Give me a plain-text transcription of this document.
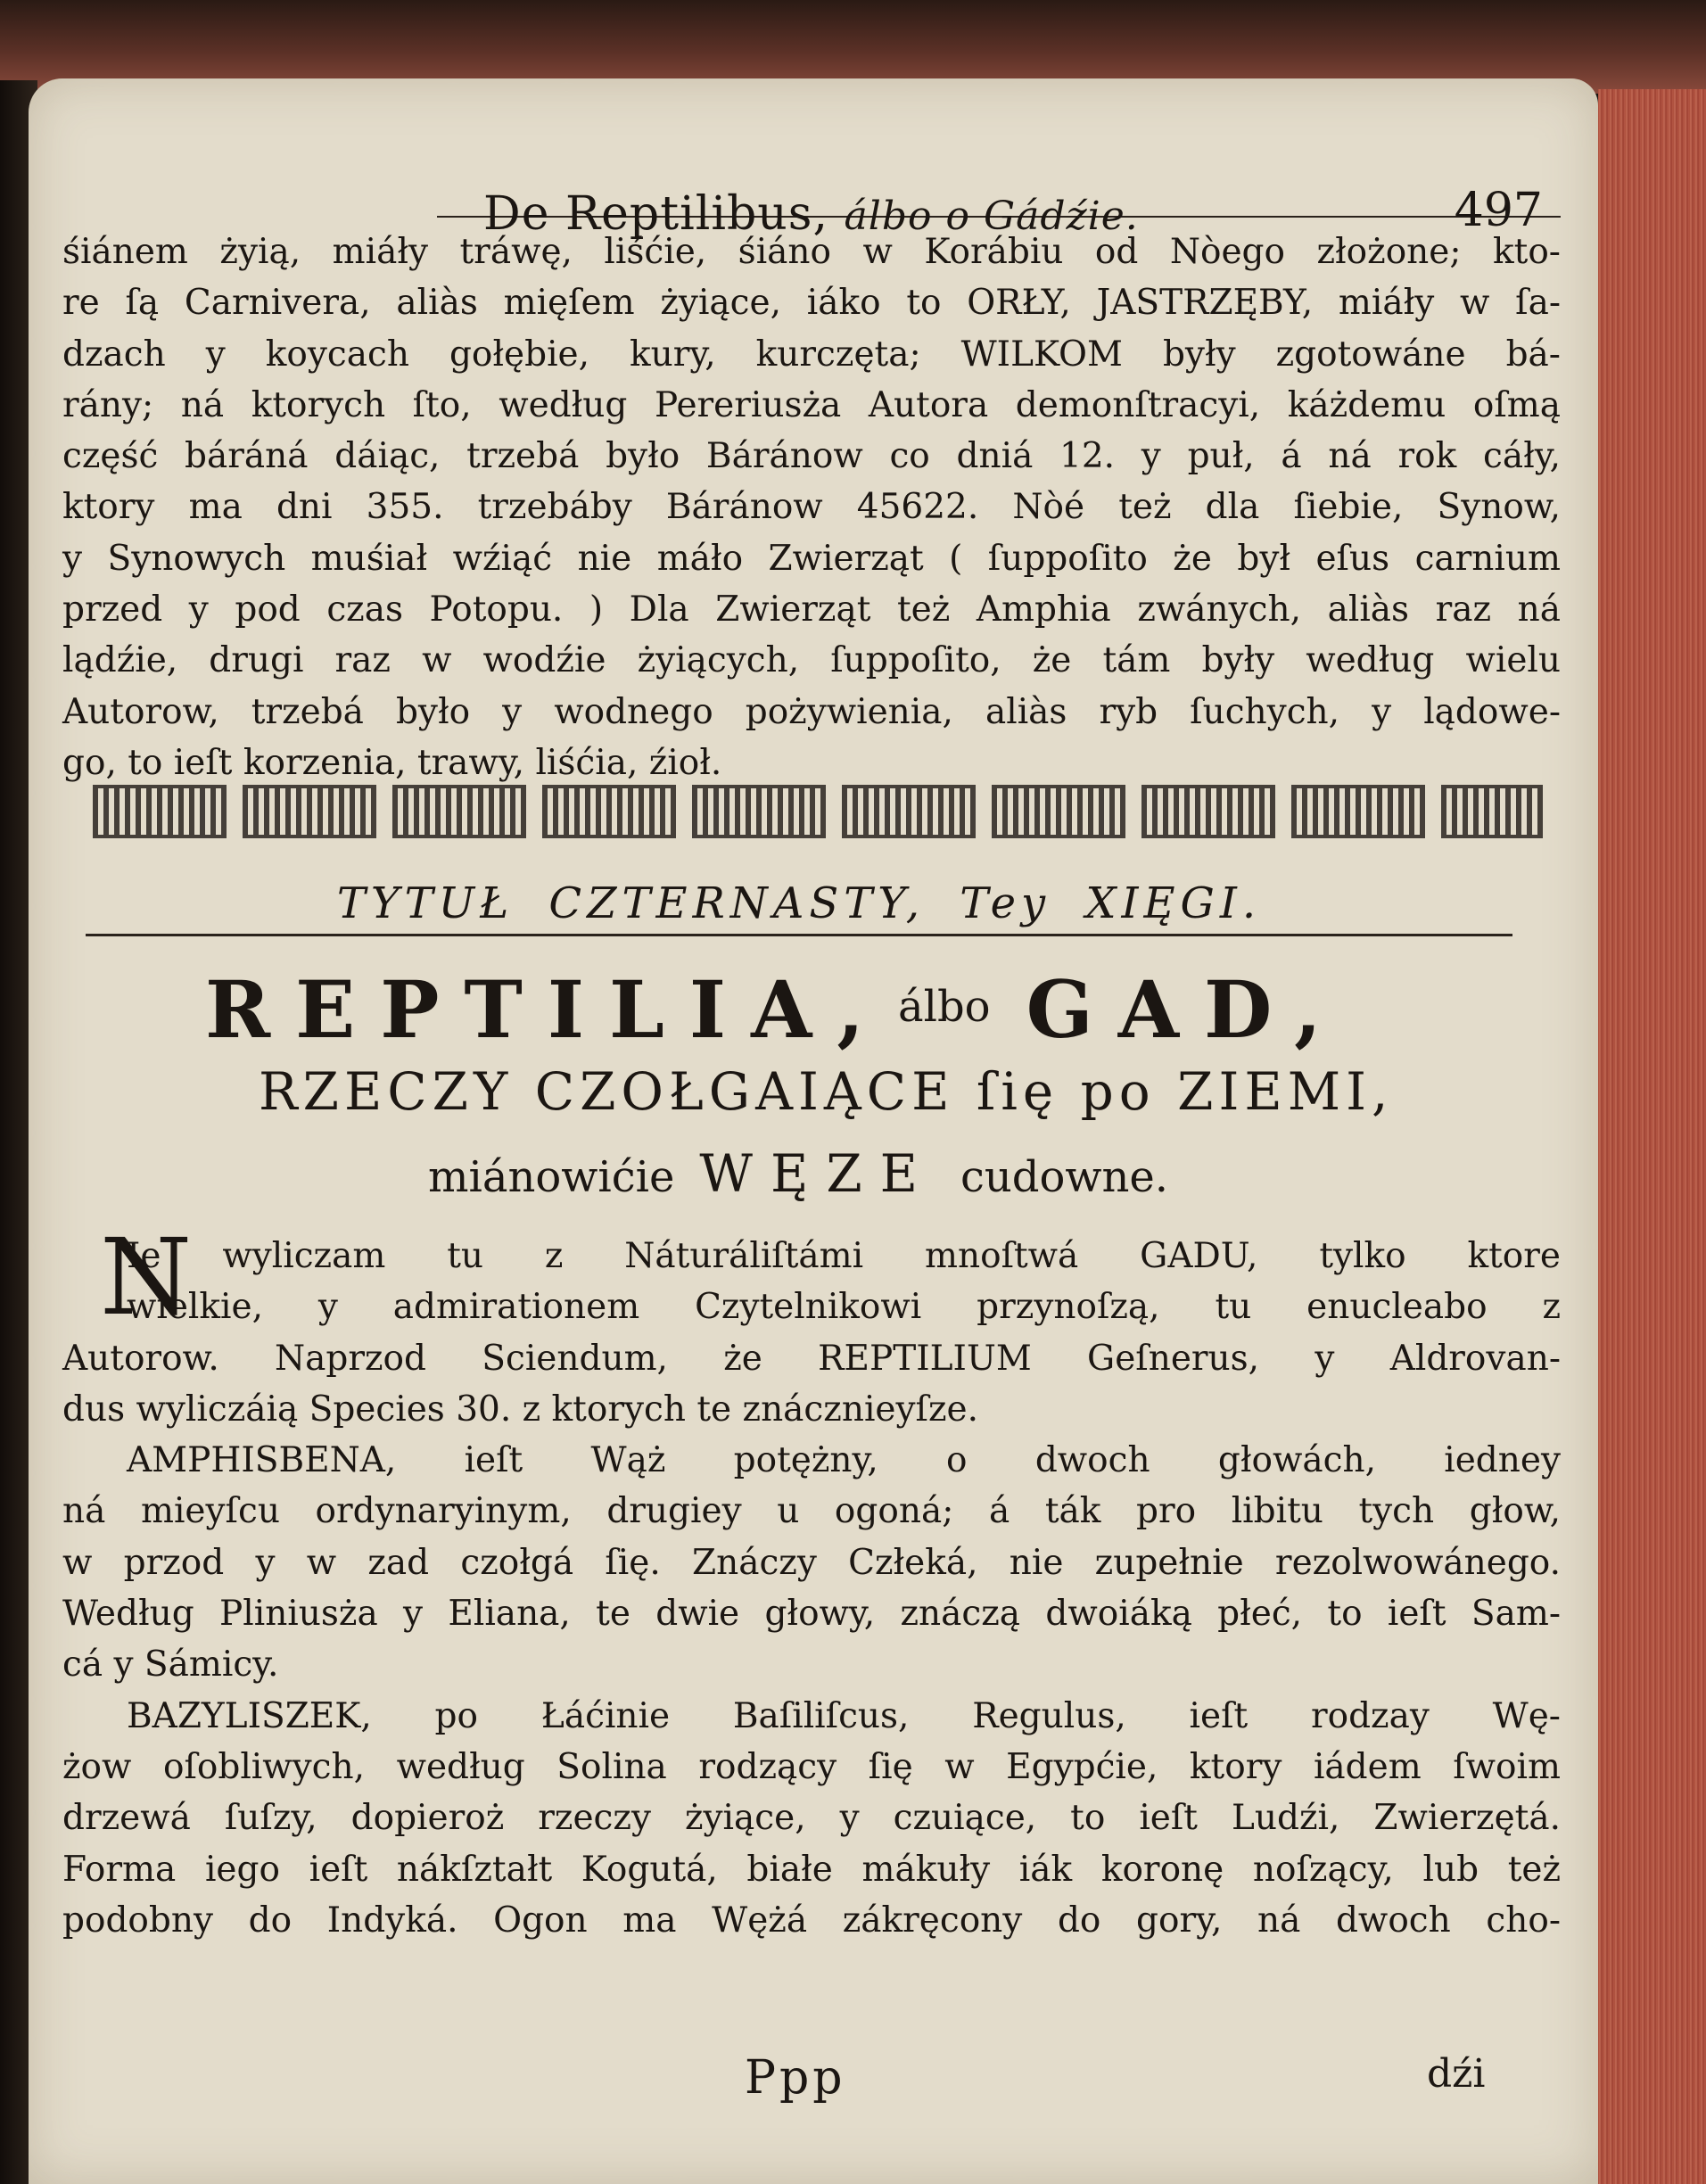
De Reptilibus, álbo o Gádźie.	497
śiánem żyią, miáły tráwę, liśćie, śiáno w Korábiu od Nòego złożone; kto-
re ſą Carnivera, aliàs mięſem żyiące, iáko to ORŁY, JASTRZĘBY, miáły w ſa-
dzach y koycach gołębie, kury, kurczęta; WILKOM były zgotowáne bá-
rány; ná ktorych ſto, według Pereriusża Autora demonſtracyi, káżdemu oſmą
część báráná dáiąc, trzebá było Báránow co dniá 12. y puł, á ná rok cáły,
ktory ma dni 355. trzebáby Báránow 45622. Nòé też dla ſiebie, Synow,
y Synowych muśiał wźiąć nie máło Zwierząt ( ſuppoſito że był eſus carnium
przed y pod czas Potopu. ) Dla Zwierząt też Amphia zwánych, aliàs raz ná
lądźie, drugi raz w wodźie żyiących, ſuppoſito, że tám były według wielu
Autorow, trzebá było y wodnego pożywienia, aliàs ryb ſuchych, y lądowe-
go, to ieſt korzenia, trawy, liśćia, źioł.
TYTUŁ CZTERNASTY, Tey XIĘGI.
REPTILIA, $^{álbo}$ GAD,
RZECZY CZOŁGAIĄCE ſię po ZIEMI,
miánowićie WĘZE cudowne.
N
Ie wyliczam tu z Náturáliſtámi mnoſtwá GADU, tylko ktore
wielkie, y admirationem Czytelnikowi przynoſzą, tu enucleabo z
Autorow. Naprzod Sciendum, że REPTILIUM Geſnerus, y Aldrovan-
dus wyliczáią Species 30. z ktorych te znácznieyſze.
AMPHISBENA, ieſt Wąż potężny, o dwoch głowách, iedney
ná mieyſcu ordynaryinym, drugiey u ogoná; á ták pro libitu tych głow,
w przod y w zad czołgá ſię. Znáczy Człeká, nie zupełnie rezolwowánego.
Według Pliniusża y Eliana, te dwie głowy, znáczą dwoiáką płeć, to ieſt Sam-
cá y Sámicy.
BAZYLISZEK, po Łáćinie Baſiliſcus, Regulus, ieſt rodzay Wę-
żow oſobliwych, według Solina rodzący ſię w Egypćie, ktory iádem ſwoim
drzewá ſuſzy, dopieroż rzeczy żyiące, y czuiące, to ieſt Ludźi, Zwierzętá.
Forma iego ieſt nákſztałt Kogutá, białe mákuły iák koronę noſzący, lub też
podobny do Indyká. Ogon ma Wężá zákręcony do gory, ná dwoch cho-
Ppp	dźi
